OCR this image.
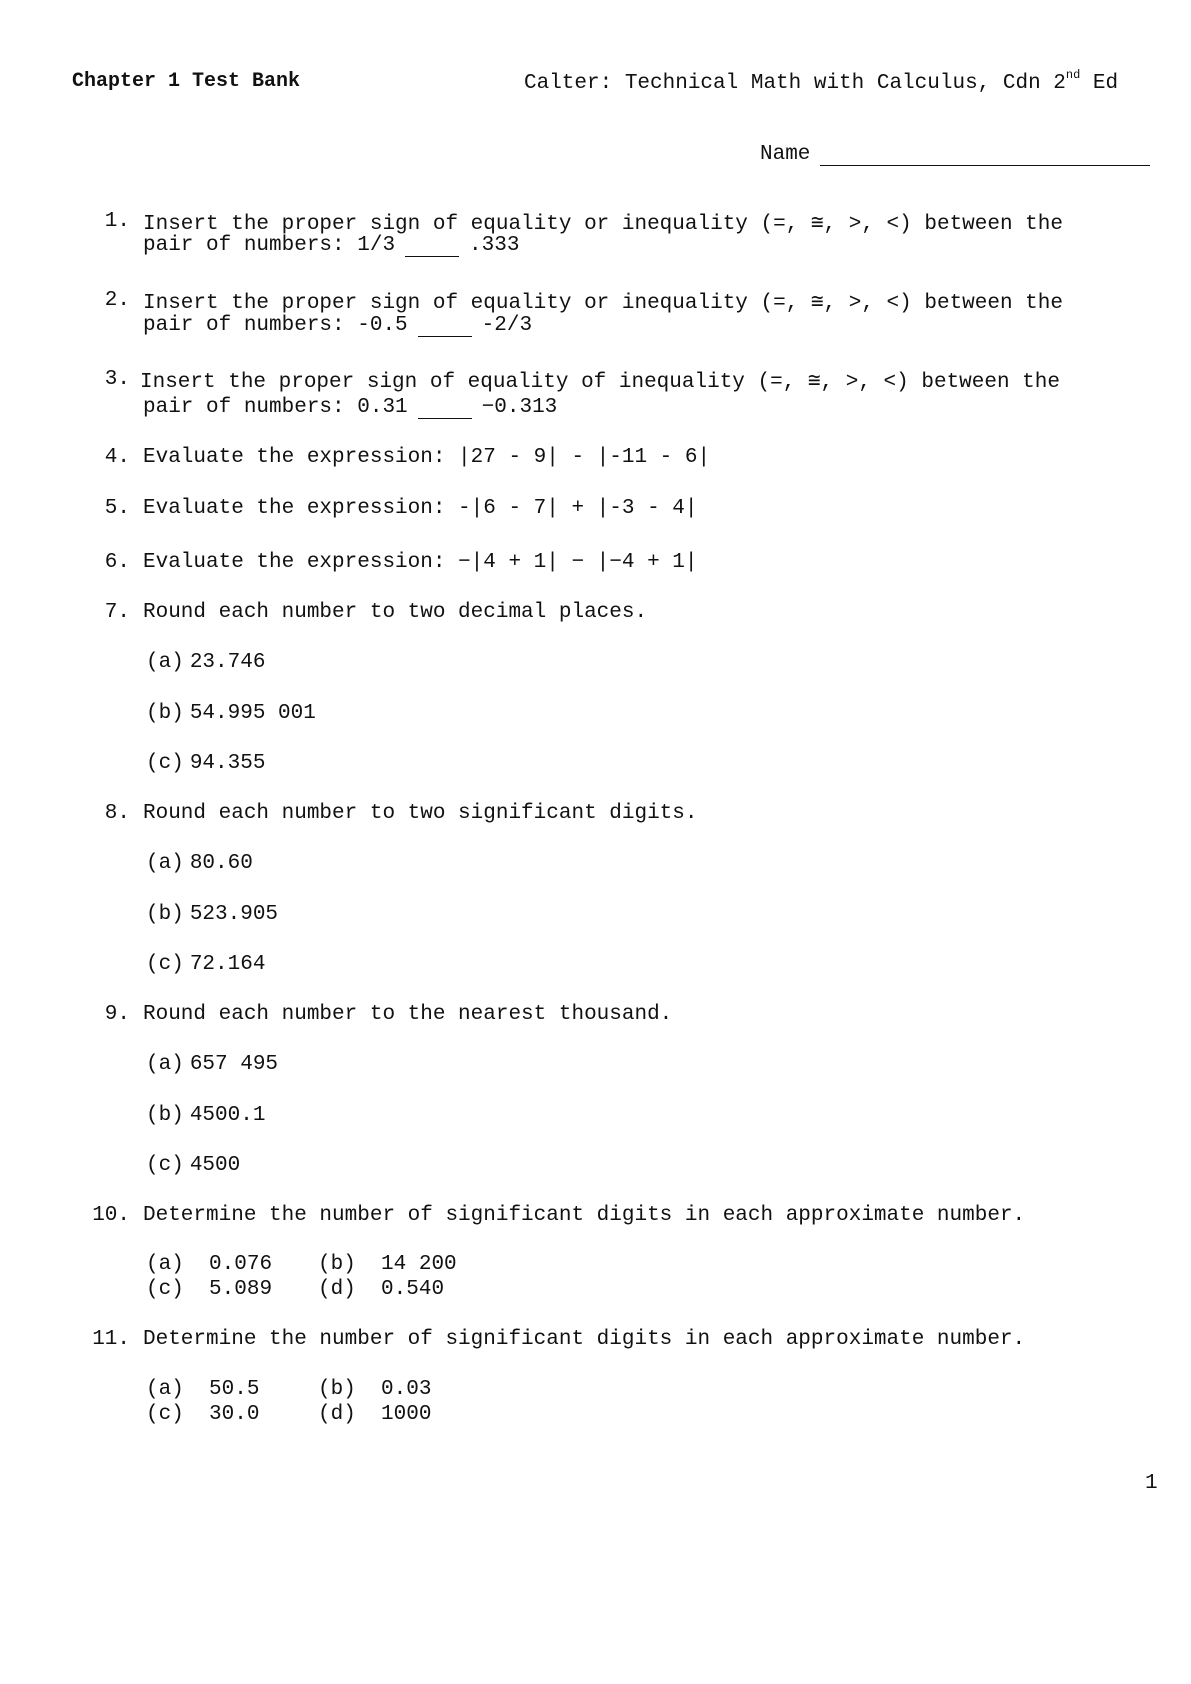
Chapter 1 Test Bank	Calter: Technical Math with Calculus, Cdn 2nd Ed
Name
1. Insert the proper sign of equality or inequality (=, ≅, >, <) between the
pair of numbers: 1/3	.333
2. Insert the proper sign of equality or inequality (=, ≅, >, <) between the
pair of numbers: -0.5	-2/3
3. Insert the proper sign of equality of inequality (=, ≅, >, <) between the
pair of numbers: 0.31	−0.313
4. Evaluate the expression: |27 - 9| - |-11 - 6|
5. Evaluate the expression: -|6 - 7| + |-3 - 4|
6. Evaluate the expression: −|4 + 1| − |−4 + 1|
7. Round each number to two decimal places.
(a) 23.746
(b) 54.995 001
(c) 94.355
8. Round each number to two significant digits.
(a) 80.60
(b) 523.905
(c) 72.164
9. Round each number to the nearest thousand.
(a) 657 495
(b) 4500.1
(c) 4500
10. Determine the number of significant digits in each approximate number.
(a) 0.076 (b) 14 200
(c) 5.089 (d) 0.540
11. Determine the number of significant digits in each approximate number.
(a) 50.5	(b) 0.03
(c) 30.0	(d) 1000
1
